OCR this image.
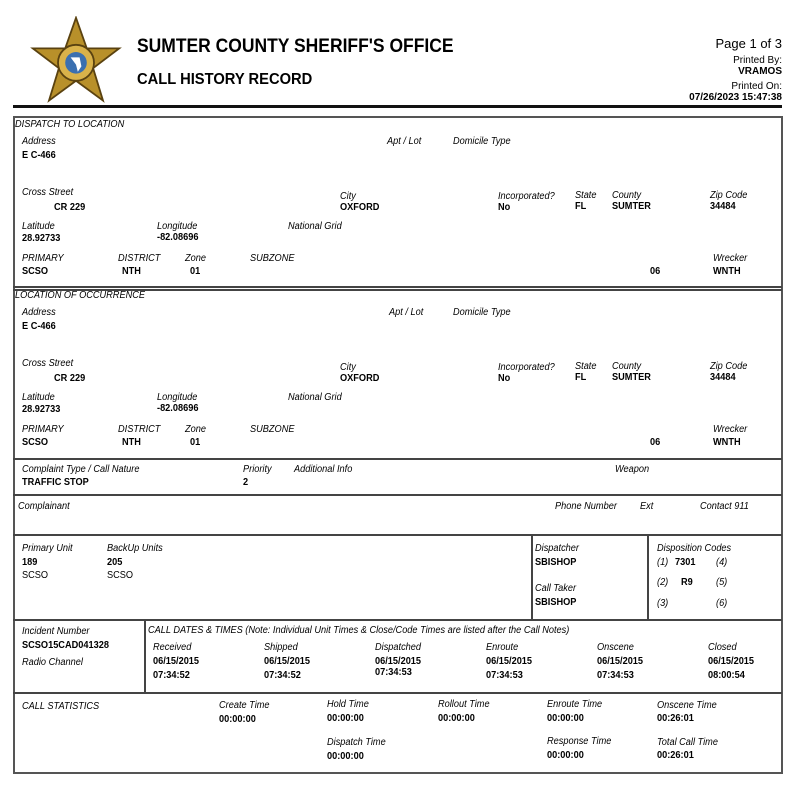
SUMTER COUNTY SHERIFF'S OFFICE
CALL HISTORY RECORD
Page 1 of 3
Printed By:
VRAMOS
Printed On:
07/26/2023 15:47:38
DISPATCH TO LOCATION
Address
E C-466
Apt / Lot	Domicile Type
Cross Street
CR 229
City
OXFORD
Incorporated?
No
State
FL
County
SUMTER
Zip Code
34484
Latitude
28.92733
Longitude
-82.08696
National Grid
PRIMARY
SCSO
DISTRICT
NTH
Zone
01
SUBZONE
06
Wrecker
WNTH
LOCATION OF OCCURRENCE
Address
E C-466
Apt / Lot	Domicile Type
Cross Street
CR 229
City
OXFORD
Incorporated?
No
State
FL
County
SUMTER
Zip Code
34484
Latitude
28.92733
Longitude
-82.08696
National Grid
PRIMARY
SCSO
DISTRICT
NTH
Zone
01
SUBZONE
06
Wrecker
WNTH
Complaint Type / Call Nature
TRAFFIC STOP
Priority
2
Additional Info	Weapon
Complainant	Phone Number Ext	Contact 911
Primary Unit
189
SCSO
BackUp Units
205
SCSO
Dispatcher
SBISHOP
Call Taker
SBISHOP
Disposition Codes
(1) 7301 (4)
(2) R9 (5)
(3)	(6)
Incident Number
SCSO15CAD041328
Radio Channel
CALL DATES & TIMES (Note: Individual Unit Times & Close/Code Times are listed after the Call Notes)
Received
06/15/2015
07:34:52
Shipped
06/15/2015
07:34:52
Dispatched
06/15/2015
07:34:53
Enroute
06/15/2015
07:34:53
Onscene
06/15/2015
07:34:53
Closed
06/15/2015
08:00:54
CALL STATISTICS	Create Time
00:00:00
Hold Time
00:00:00
Rollout Time
00:00:00
Enroute Time
00:00:00
Onscene Time
00:26:01
Dispatch Time
00:00:00
Response Time
00:00:00
Total Call Time
00:26:01
